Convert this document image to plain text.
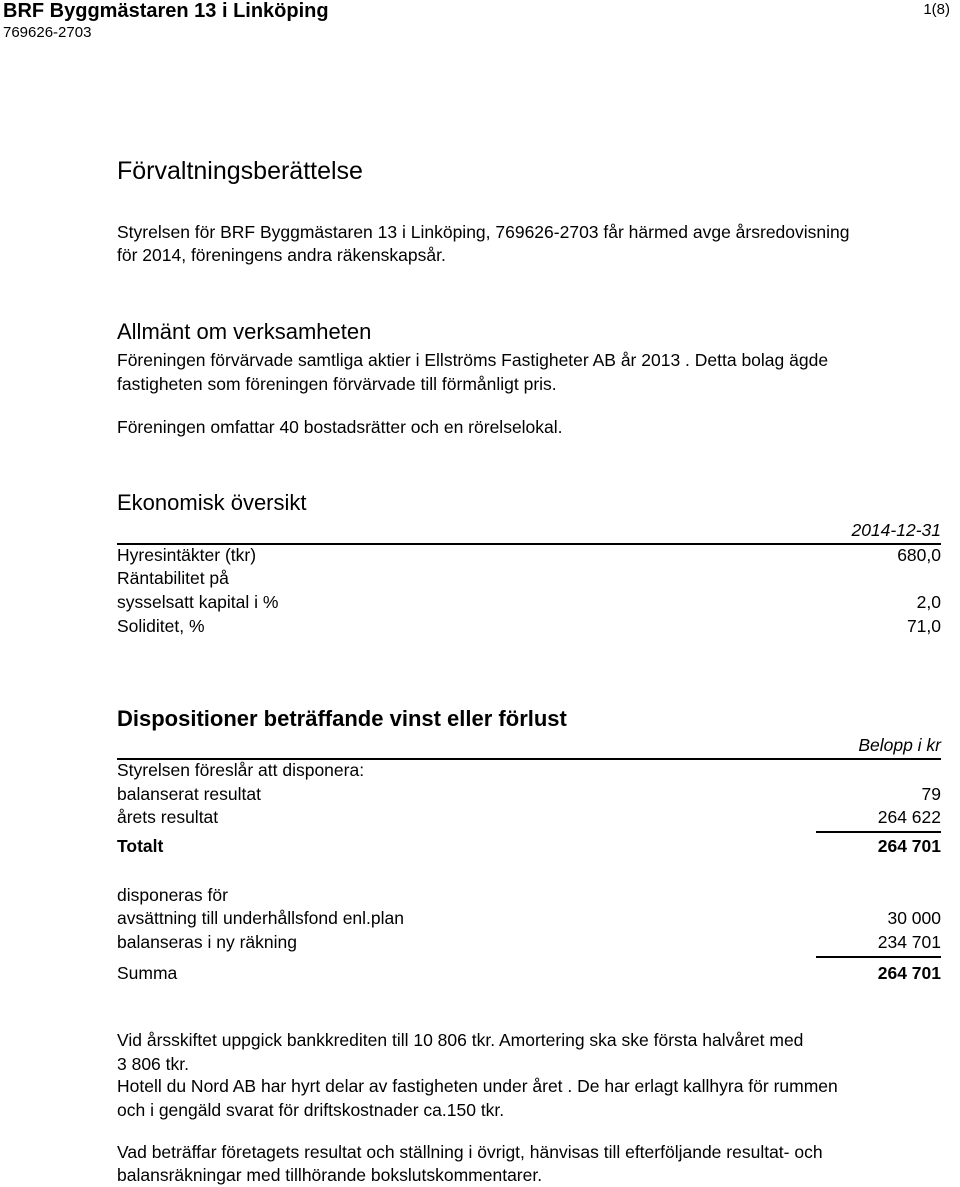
BRF Byggmästaren 13 i Linköping
769626-2703
1(8)
Förvaltningsberättelse
Styrelsen för BRF Byggmästaren 13 i Linköping, 769626-2703 får härmed avge årsredovisning
för 2014, föreningens andra räkenskapsår.
Allmänt om verksamheten
Föreningen förvärvade samtliga aktier i Ellströms Fastigheter AB år 2013 . Detta bolag ägde
fastigheten som föreningen förvärvade till förmånligt pris.
Föreningen omfattar 40 bostadsrätter och en rörelselokal.
Ekonomisk översikt
2014-12-31
Hyresintäkter (tkr)	680,0
Räntabilitet på
sysselsatt kapital i %	2,0
Soliditet, %	71,0
Dispositioner beträffande vinst eller förlust
Belopp i kr
Styrelsen föreslår att disponera:
balanserat resultat	79
årets resultat	264 622
Totalt	264 701
disponeras för
avsättning till underhållsfond enl.plan	30 000
balanseras i ny räkning	234 701
Summa	264 701
Vid årsskiftet uppgick bankkrediten till 10 806 tkr. Amortering ska ske första halvåret med
3 806 tkr.
Hotell du Nord AB har hyrt delar av fastigheten under året . De har erlagt kallhyra för rummen
och i gengäld svarat för driftskostnader ca.150 tkr.
Vad beträffar företagets resultat och ställning i övrigt, hänvisas till efterföljande resultat- och
balansräkningar med tillhörande bokslutskommentarer.
